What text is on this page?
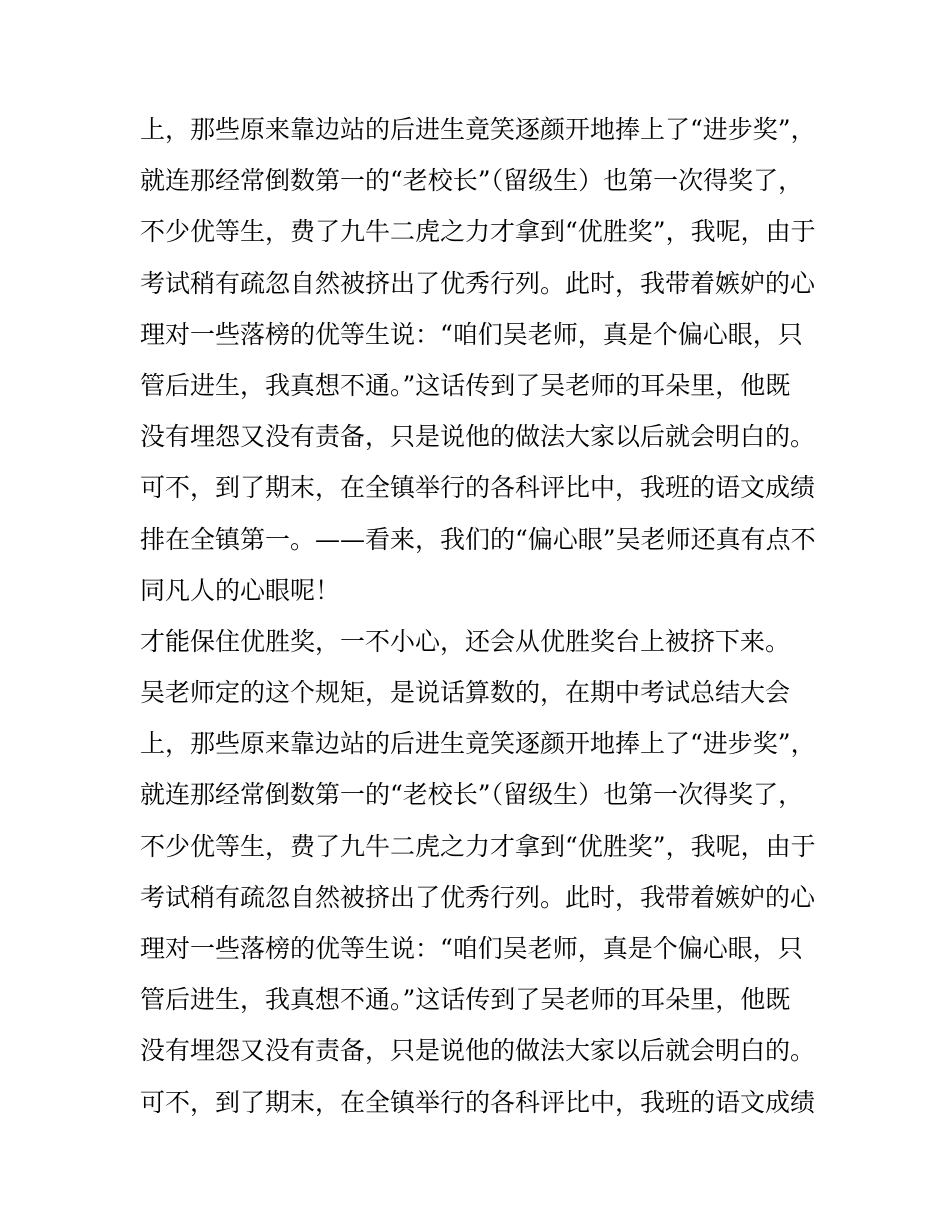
上，那些原来靠边站的后进生竟笑逐颜开地捧上了“进步奖”，
就连那经常倒数第一的“老校长”（留级生）也第一次得奖了，
不少优等生，费了九牛二虎之力才拿到“优胜奖”，我呢，由于
考试稍有疏忽自然被挤出了优秀行列。此时，我带着嫉妒的心
理对一些落榜的优等生说：“咱们吴老师，真是个偏心眼，只
管后进生，我真想不通。”这话传到了吴老师的耳朵里，他既
没有埋怨又没有责备，只是说他的做法大家以后就会明白的。
可不，到了期末，在全镇举行的各科评比中，我班的语文成绩
排在全镇第一。——看来，我们的“偏心眼”吴老师还真有点不
同凡人的心眼呢！
才能保住优胜奖，一不小心，还会从优胜奖台上被挤下来。
吴老师定的这个规矩，是说话算数的，在期中考试总结大会
上，那些原来靠边站的后进生竟笑逐颜开地捧上了“进步奖”，
就连那经常倒数第一的“老校长”（留级生）也第一次得奖了，
不少优等生，费了九牛二虎之力才拿到“优胜奖”，我呢，由于
考试稍有疏忽自然被挤出了优秀行列。此时，我带着嫉妒的心
理对一些落榜的优等生说：“咱们吴老师，真是个偏心眼，只
管后进生，我真想不通。”这话传到了吴老师的耳朵里，他既
没有埋怨又没有责备，只是说他的做法大家以后就会明白的。
可不，到了期末，在全镇举行的各科评比中，我班的语文成绩
